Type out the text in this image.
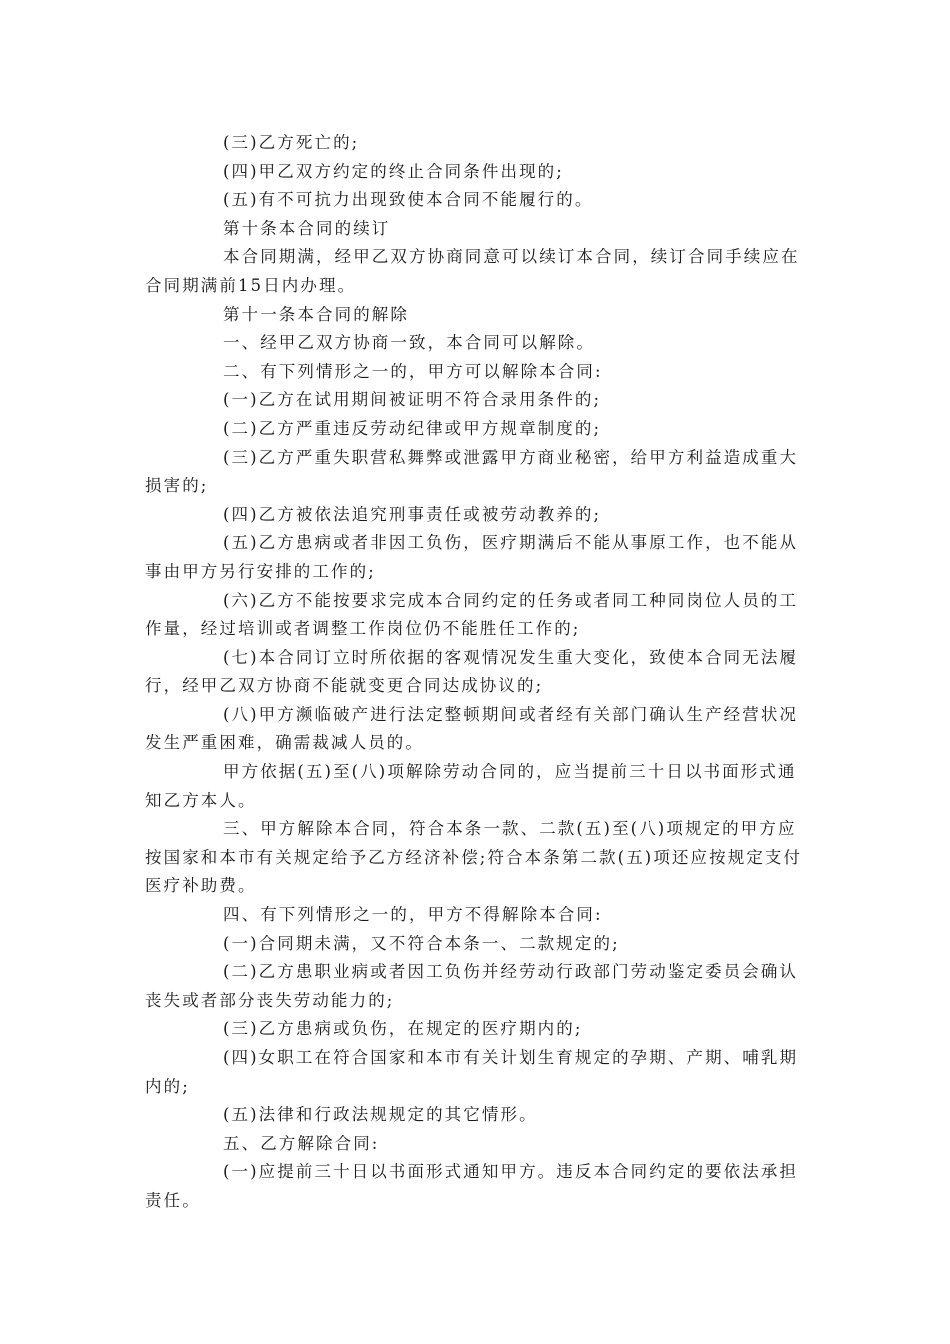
(三)乙方死亡的;

(四)甲乙双方约定的终止合同条件出现的;

(五)有不可抗力出现致使本合同不能履行的。

第十条本合同的续订

本合同期满，经甲乙双方协商同意可以续订本合同，续订合同手续应在合同期满前15日内办理。

第十一条本合同的解除

一、经甲乙双方协商一致，本合同可以解除。

二、有下列情形之一的，甲方可以解除本合同:

(一)乙方在试用期间被证明不符合录用条件的;

(二)乙方严重违反劳动纪律或甲方规章制度的;

(三)乙方严重失职营私舞弊或泄露甲方商业秘密，给甲方利益造成重大损害的;

(四)乙方被依法追究刑事责任或被劳动教养的;

(五)乙方患病或者非因工负伤，医疗期满后不能从事原工作，也不能从事由甲方另行安排的工作的;

(六)乙方不能按要求完成本合同约定的任务或者同工种同岗位人员的工作量，经过培训或者调整工作岗位仍不能胜任工作的;

(七)本合同订立时所依据的客观情况发生重大变化，致使本合同无法履行，经甲乙双方协商不能就变更合同达成协议的;

(八)甲方濒临破产进行法定整顿期间或者经有关部门确认生产经营状况发生严重困难，确需裁减人员的。

甲方依据(五)至(八)项解除劳动合同的，应当提前三十日以书面形式通知乙方本人。

三、甲方解除本合同，符合本条一款、二款(五)至(八)项规定的甲方应按国家和本市有关规定给予乙方经济补偿;符合本条第二款(五)项还应按规定支付医疗补助费。

四、有下列情形之一的，甲方不得解除本合同:

(一)合同期未满，又不符合本条一、二款规定的;

(二)乙方患职业病或者因工负伤并经劳动行政部门劳动鉴定委员会确认丧失或者部分丧失劳动能力的;

(三)乙方患病或负伤，在规定的医疗期内的;

(四)女职工在符合国家和本市有关计划生育规定的孕期、产期、哺乳期内的;

(五)法律和行政法规规定的其它情形。

五、乙方解除合同:

(一)应提前三十日以书面形式通知甲方。违反本合同约定的要依法承担责任。
